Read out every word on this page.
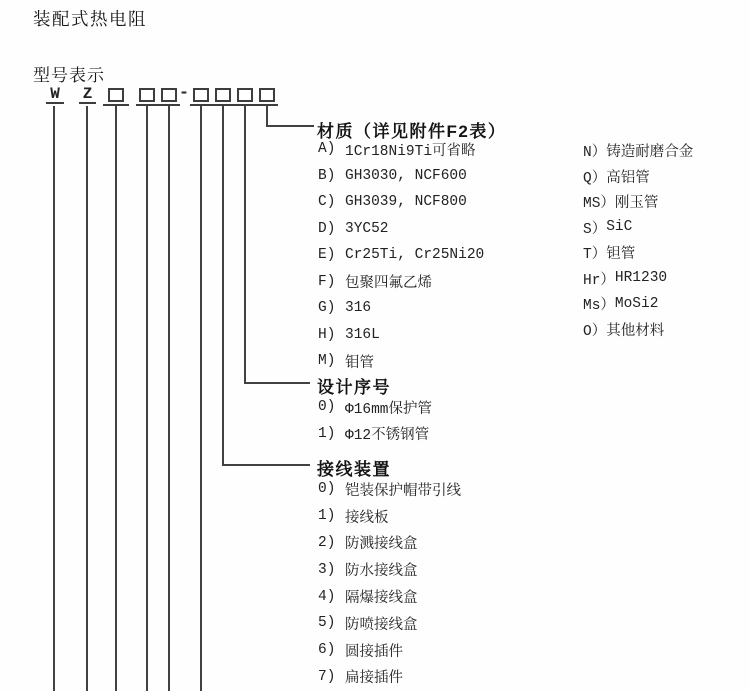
装配式热电阻
型号表示
W Z	-
材质（详见附件F2表）
A) 1Cr18Ni9Ti可省略
B) GH3030, NCF600
C) GH3039, NCF800
D) 3YC52
E) Cr25Ti, Cr25Ni20
F) 包聚四氟乙烯
G) 316
H) 316L
M) 钼管
N） 铸造耐磨合金
Q） 高铝管
MS） 刚玉管
S） SiC
T） 钽管
Hr） HR1230
Ms） MoSi2
O） 其他材料
设计序号
0) Φ16mm保护管
1) Φ12不锈钢管
接线装置
0) 铠装保护帽带引线
1) 接线板
2) 防溅接线盒
3) 防水接线盒
4) 隔爆接线盒
5) 防喷接线盒
6) 圆接插件
7) 扁接插件
